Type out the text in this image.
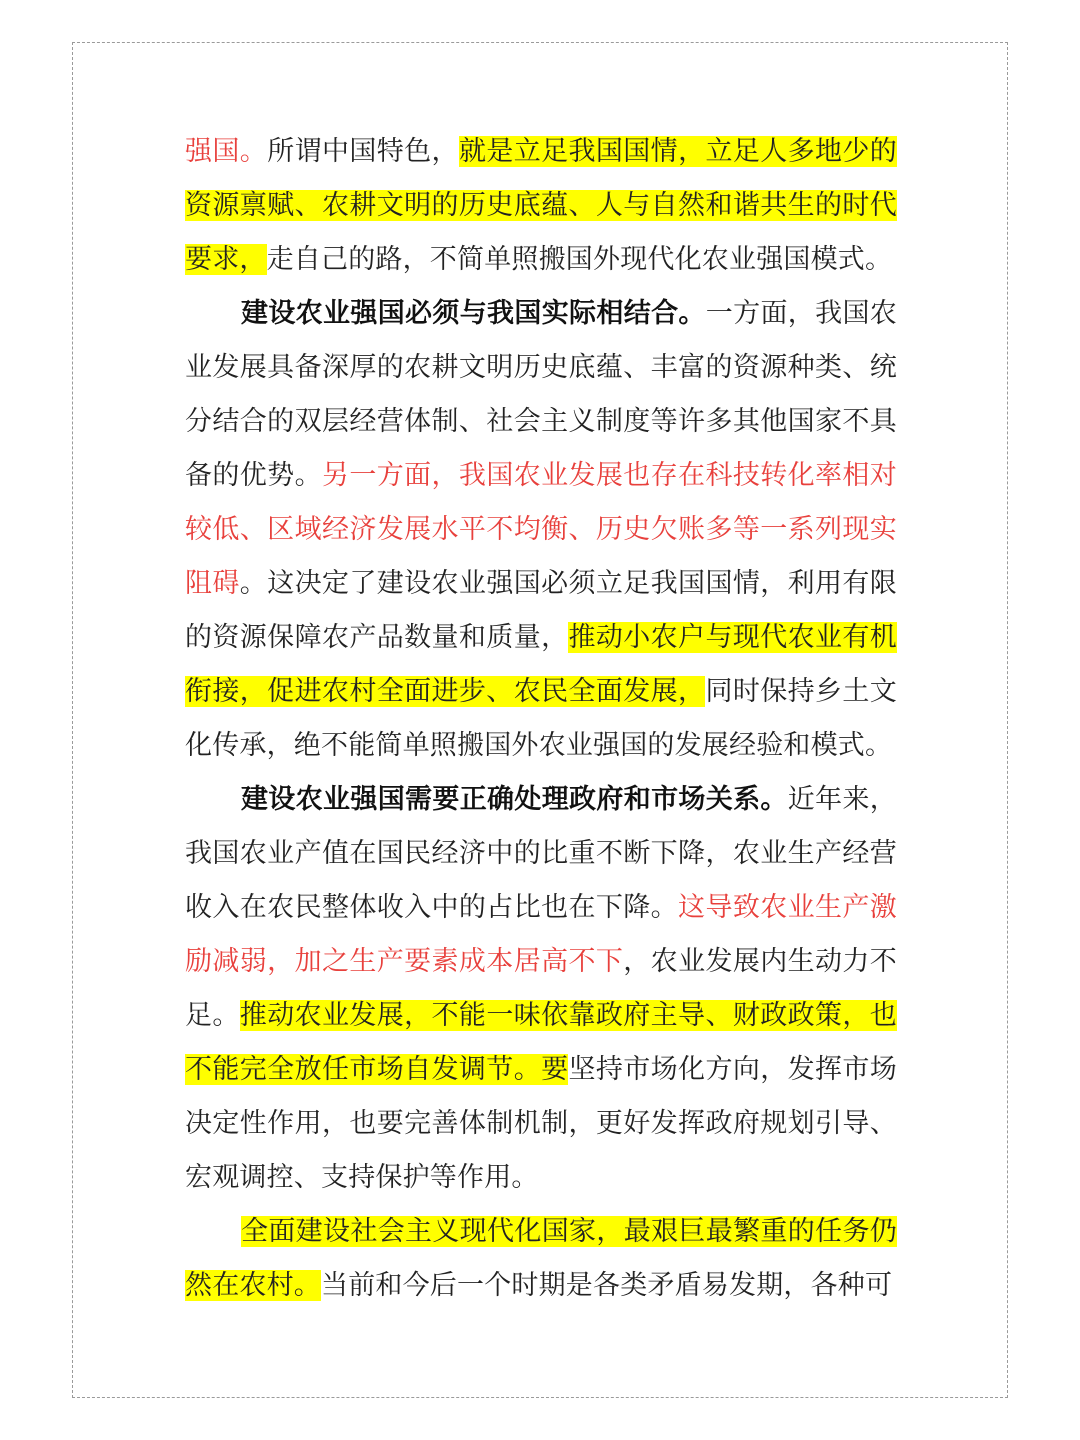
强国。所谓中国特色，就是立足我国国情，立足人多地少的资源禀赋、农耕文明的历史底蕴、人与自然和谐共生的时代要求，走自己的路，不简单照搬国外现代化农业强国模式。

建设农业强国必须与我国实际相结合。一方面，我国农业发展具备深厚的农耕文明历史底蕴、丰富的资源种类、统分结合的双层经营体制、社会主义制度等许多其他国家不具备的优势。另一方面，我国农业发展也存在科技转化率相对较低、区域经济发展水平不均衡、历史欠账多等一系列现实阻碍。这决定了建设农业强国必须立足我国国情，利用有限的资源保障农产品数量和质量，推动小农户与现代农业有机衔接，促进农村全面进步、农民全面发展，同时保持乡土文化传承，绝不能简单照搬国外农业强国的发展经验和模式。

建设农业强国需要正确处理政府和市场关系。近年来，我国农业产值在国民经济中的比重不断下降，农业生产经营收入在农民整体收入中的占比也在下降。这导致农业生产激励减弱，加之生产要素成本居高不下，农业发展内生动力不足。推动农业发展，不能一味依靠政府主导、财政政策，也不能完全放任市场自发调节。要坚持市场化方向，发挥市场决定性作用，也要完善体制机制，更好发挥政府规划引导、宏观调控、支持保护等作用。

全面建设社会主义现代化国家，最艰巨最繁重的任务仍然在农村。当前和今后一个时期是各类矛盾易发期，各种可
